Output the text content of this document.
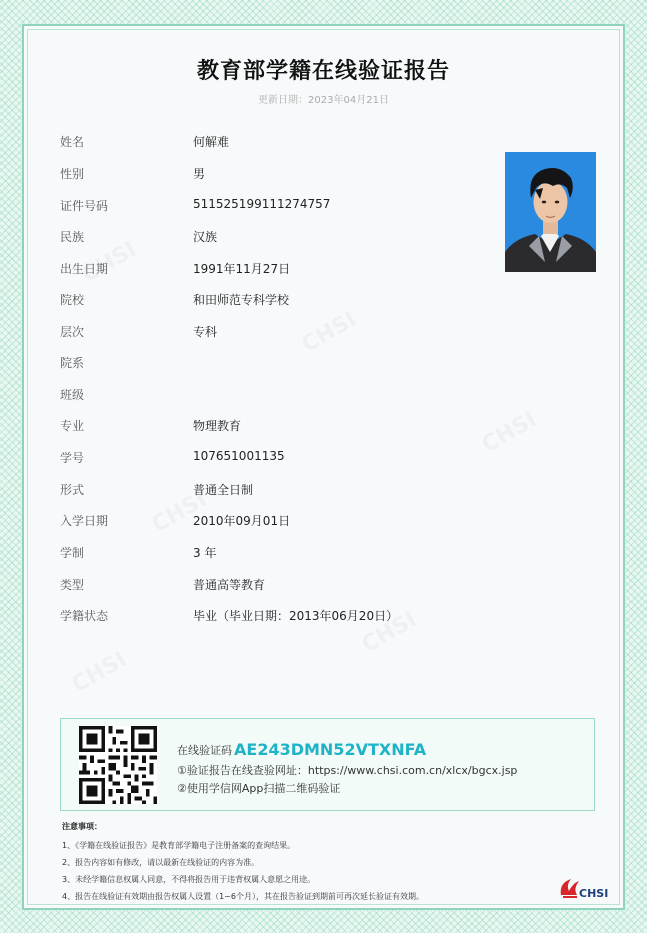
教育部学籍在线验证报告
更新日期：2023年04月21日
姓名	何解难
性别	男
证件号码	511525199111274757
民族	汉族
出生日期	1991年11月27日
院校	和田师范专科学校
层次	专科
院系
班级
专业	物理教育
学号	107651001135
形式	普通全日制
入学日期	2010年09月01日
学制	3 年
类型	普通高等教育
学籍状态	毕业（毕业日期：2013年06月20日）
在线验证码 AE243DMN52VTXNFA
①验证报告在线查验网址：https://www.chsi.com.cn/xlcx/bgcx.jsp
②使用学信网App扫描二维码验证
注意事项：
1、《学籍在线验证报告》是教育部学籍电子注册备案的查询结果。
2、报告内容如有修改，请以最新在线验证的内容为准。
3、未经学籍信息权属人同意，不得将报告用于违背权属人意愿之用途。
4、报告在线验证有效期由报告权属人设置（1~6个月），其在报告验证到期前可再次延长验证有效期。	CHSI
